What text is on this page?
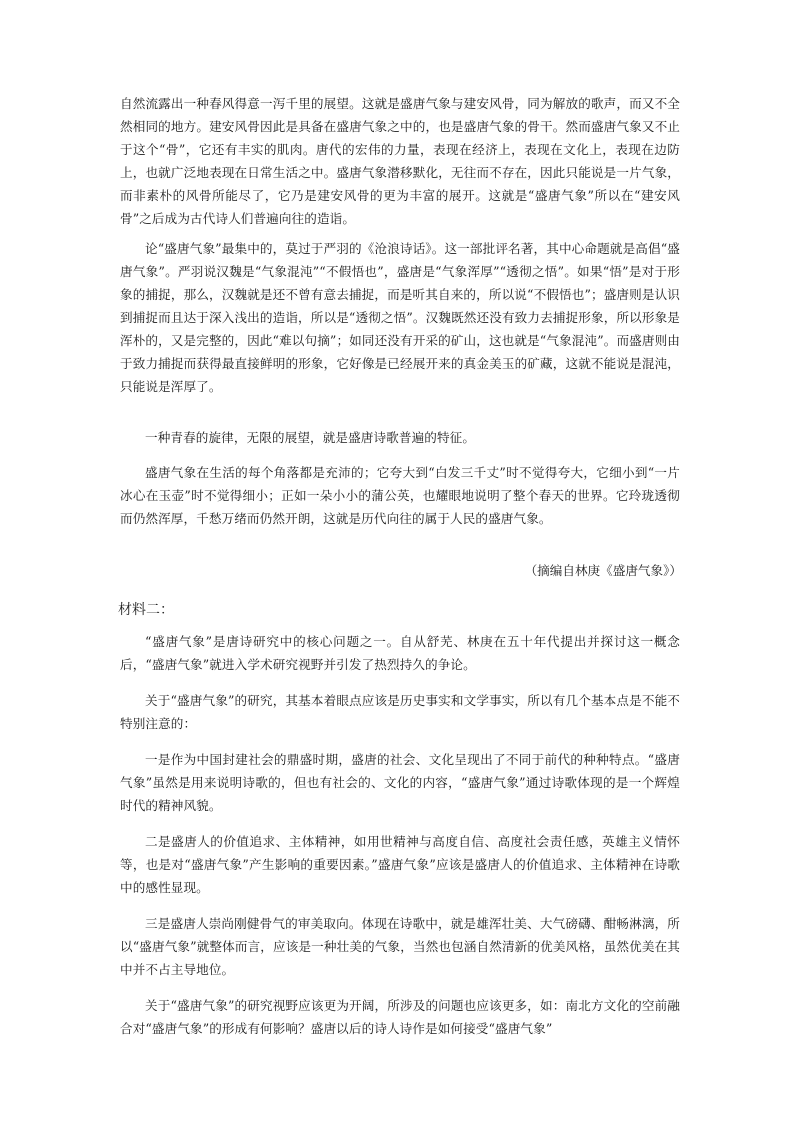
自然流露出一种春风得意一泻千里的展望。这就是盛唐气象与建安风骨，同为解放的歌声，而又不全然相同的地方。建安风骨因此是具备在盛唐气象之中的，也是盛唐气象的骨干。然而盛唐气象又不止于这个“骨”，它还有丰实的肌肉。唐代的宏伟的力量，表现在经济上，表现在文化上，表现在边防上，也就广泛地表现在日常生活之中。盛唐气象潜移默化，无往而不存在，因此只能说是一片气象，而非素朴的风骨所能尽了，它乃是建安风骨的更为丰富的展开。这就是“盛唐气象”所以在“建安风骨”之后成为古代诗人们普遍向往的造诣。

论“盛唐气象”最集中的，莫过于严羽的《沧浪诗话》。这一部批评名著，其中心命题就是高倡“盛唐气象”。严羽说汉魏是“气象混沌”“不假悟也”，盛唐是“气象浑厚”“透彻之悟”。如果“悟”是对于形象的捕捉，那么，汉魏就是还不曾有意去捕捉，而是听其自来的，所以说“不假悟也”；盛唐则是认识到捕捉而且达于深入浅出的造诣，所以是“透彻之悟”。汉魏既然还没有致力去捕捉形象，所以形象是浑朴的，又是完整的，因此“难以句摘”；如同还没有开采的矿山，这也就是“气象混沌”。而盛唐则由于致力捕捉而获得最直接鲜明的形象，它好像是已经展开来的真金美玉的矿藏，这就不能说是混沌，只能说是浑厚了。

一种青春的旋律，无限的展望，就是盛唐诗歌普遍的特征。

盛唐气象在生活的每个角落都是充沛的；它夸大到“白发三千丈”时不觉得夸大，它细小到“一片冰心在玉壶”时不觉得细小；正如一朵小小的蒲公英，也耀眼地说明了整个春天的世界。它玲珑透彻而仍然浑厚，千愁万绪而仍然开朗，这就是历代向往的属于人民的盛唐气象。

（摘编自林庚《盛唐气象》）

材料二：

“盛唐气象”是唐诗研究中的核心问题之一。自从舒芜、林庚在五十年代提出并探讨这一概念后，“盛唐气象”就进入学术研究视野并引发了热烈持久的争论。

关于“盛唐气象”的研究，其基本着眼点应该是历史事实和文学事实，所以有几个基本点是不能不特别注意的：

一是作为中国封建社会的鼎盛时期，盛唐的社会、文化呈现出了不同于前代的种种特点。“盛唐气象”虽然是用来说明诗歌的，但也有社会的、文化的内容，“盛唐气象”通过诗歌体现的是一个辉煌时代的精神风貌。

二是盛唐人的价值追求、主体精神，如用世精神与高度自信、高度社会责任感，英雄主义情怀等，也是对“盛唐气象”产生影响的重要因素。”盛唐气象”应该是盛唐人的价值追求、主体精神在诗歌中的感性显现。

三是盛唐人崇尚刚健骨气的审美取向。体现在诗歌中，就是雄浑壮美、大气磅礴、酣畅淋漓，所以“盛唐气象”就整体而言，应该是一种壮美的气象，当然也包涵自然清新的优美风格，虽然优美在其中并不占主导地位。

关于“盛唐气象”的研究视野应该更为开阔，所涉及的问题也应该更多，如：南北方文化的空前融合对“盛唐气象”的形成有何影响？盛唐以后的诗人诗作是如何接受“盛唐气象”
